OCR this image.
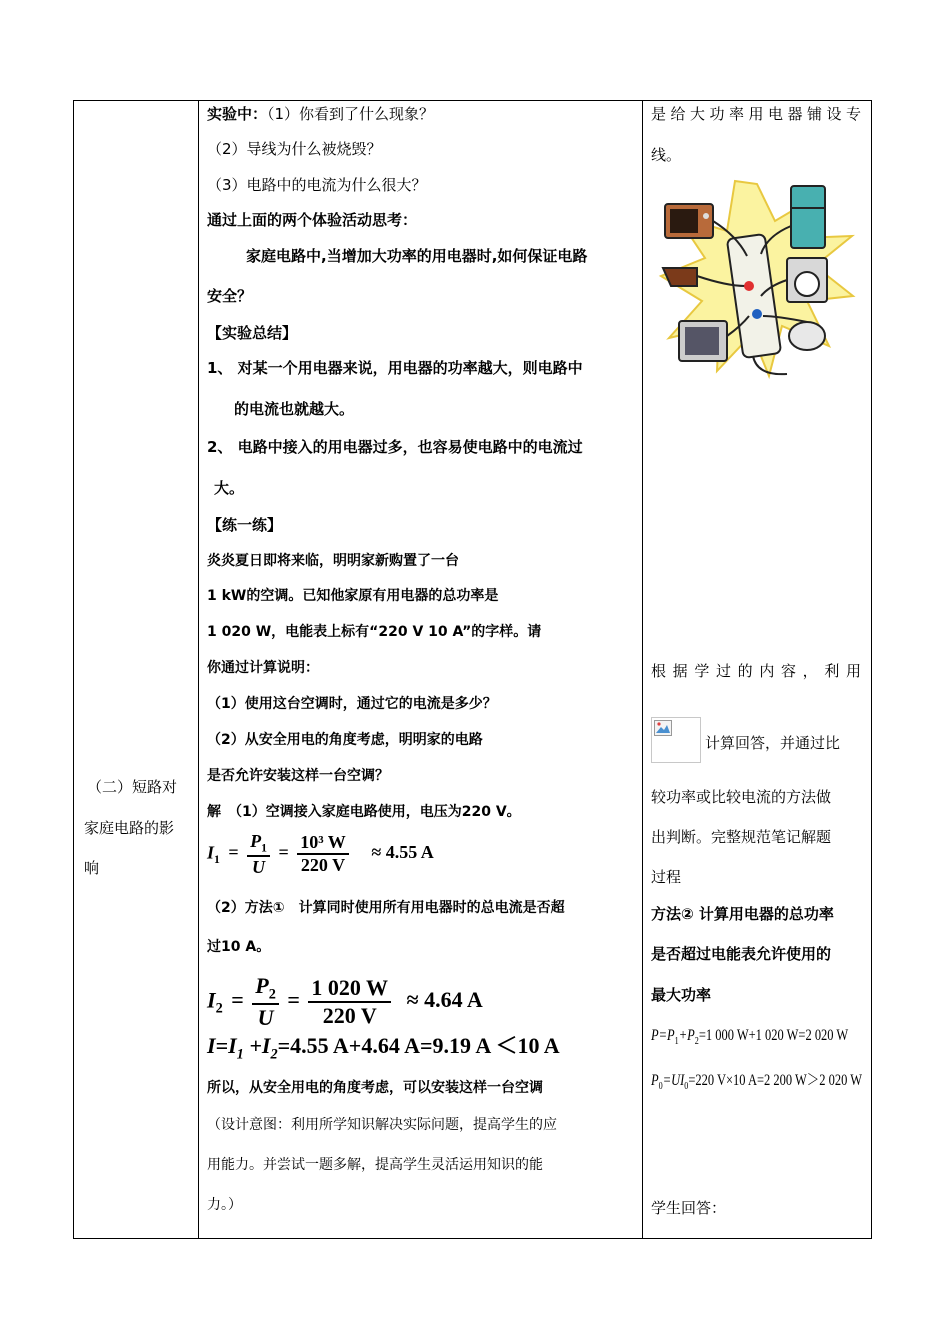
（二）短路对
家庭电路的影
响
实验中：（1）你看到了什么现象？
（2）导线为什么被烧毁？
（3）电路中的电流为什么很大？
通过上面的两个体验活动思考：
家庭电路中,当增加大功率的用电器时,如何保证电路
安全？
【实验总结】
1、 对某一个用电器来说，用电器的功率越大，则电路中
的电流也就越大。
2、 电路中接入的用电器过多，也容易使电路中的电流过
大。
【练一练】
炎炎夏日即将来临，明明家新购置了一台
1 kW的空调。已知他家原有用电器的总功率是
1 020 W，电能表上标有“220 V 10 A”的字样。请
你通过计算说明：
（1）使用这台空调时，通过它的电流是多少？
（2）从安全用电的角度考虑，明明家的电路
是否允许安装这样一台空调？
解　（1）空调接入家庭电路使用，电压为220 V。
$I_1 = \frac{P_1}{U} = \frac{\text{10³ W}}{220 V} \approx 4.55$ A
（2）方法①　计算同时使用所有用电器时的总电流是否超
过10 A。
$I_2 = \frac{P_2}{U} = \frac{1 020 W}{220 V} \approx 4.64$ A
$I=I_1 +I_2=4.55$ A+4.64 A=9.19 A ＜10 A
所以，从安全用电的角度考虑，可以安装这样一台空调
（设计意图：利用所学知识解决实际问题，提高学生的应
用能力。并尝试一题多解，提高学生灵活运用知识的能
力。）
是给大功率用电器铺设专
线。
根据学过的内容，利用
计算回答，并通过比
较功率或比较电流的方法做
出判断。完整规范笔记解题
过程
方法② 计算用电器的总功率
是否超过电能表允许使用的
最大功率
$P=P_1+P_2=1$ 000 W+1 020 W=2 020 W
$P_0=UI_0=220$ V×10 A=2 200 W＞2 020 W
学生回答：
